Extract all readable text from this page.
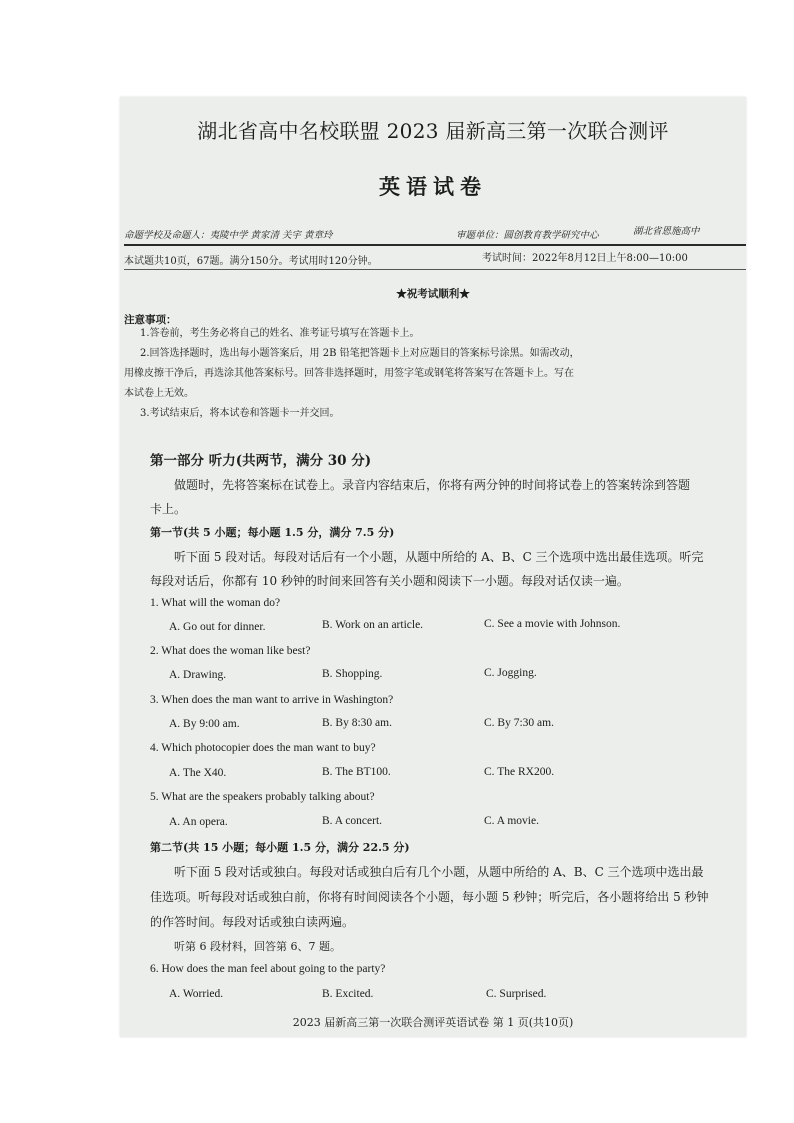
湖北省高中名校联盟 2023 届新高三第一次联合测评
英语试卷
命题学校及命题人：夷陵中学 黄家清 关宇 黄章玲	审题单位：圆创教育教学研究中心	湖北省恩施高中
本试题共10页，67题。满分150分。考试用时120分钟。	考试时间：2022年8月12日上午8:00—10:00
★祝考试顺利★
注意事项：
1.答卷前，考生务必将自己的姓名、准考证号填写在答题卡上。
2.回答选择题时，选出每小题答案后，用 2B 铅笔把答题卡上对应题目的答案标号涂黑。如需改动，
用橡皮擦干净后，再选涂其他答案标号。回答非选择题时，用签字笔或钢笔将答案写在答题卡上。写在
本试卷上无效。
3.考试结束后，将本试卷和答题卡一并交回。
第一部分 听力(共两节，满分 30 分)
做题时，先将答案标在试卷上。录音内容结束后，你将有两分钟的时间将试卷上的答案转涂到答题
卡上。
第一节(共 5 小题；每小题 1.5 分，满分 7.5 分)
听下面 5 段对话。每段对话后有一个小题，从题中所给的 A、B、C 三个选项中选出最佳选项。听完
每段对话后，你都有 10 秒钟的时间来回答有关小题和阅读下一小题。每段对话仅读一遍。
1. What will the woman do?
A. Go out for dinner.	B. Work on an article.	C. See a movie with Johnson.
2. What does the woman like best?
A. Drawing.	B. Shopping.	C. Jogging.
3. When does the man want to arrive in Washington?
A. By 9:00 am.	B. By 8:30 am.	C. By 7:30 am.
4. Which photocopier does the man want to buy?
A. The X40.	B. The BT100.	C. The RX200.
5. What are the speakers probably talking about?
A. An opera.	B. A concert.	C. A movie.
第二节(共 15 小题；每小题 1.5 分，满分 22.5 分)
听下面 5 段对话或独白。每段对话或独白后有几个小题，从题中所给的 A、B、C 三个选项中选出最
佳选项。听每段对话或独白前，你将有时间阅读各个小题，每小题 5 秒钟；听完后，各小题将给出 5 秒钟
的作答时间。每段对话或独白读两遍。
听第 6 段材料，回答第 6、7 题。
6. How does the man feel about going to the party?
A. Worried.	B. Excited.	C. Surprised.
2023 届新高三第一次联合测评英语试卷 第 1 页(共10页)
